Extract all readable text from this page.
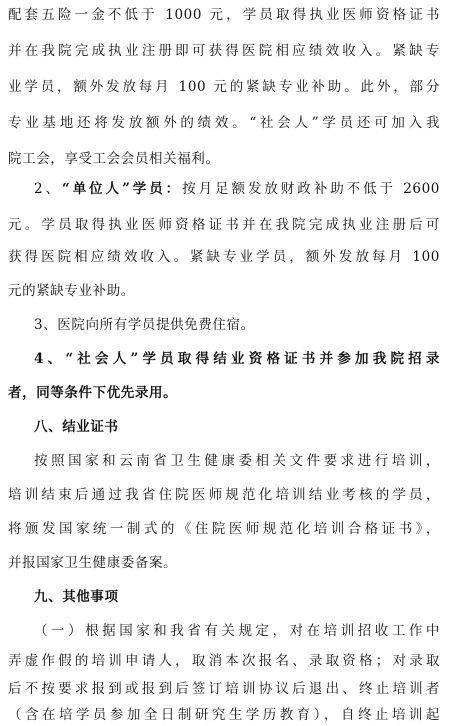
配套五险一金不低于 1000 元，学员取得执业医师资格证书
并在我院完成执业注册即可获得医院相应绩效收入。紧缺专
业学员，额外发放每月 100 元的紧缺专业补助。此外，部分
专业基地还将发放额外的绩效。“社会人”学员还可加入我
院工会，享受工会会员相关福利。
2、“单位人”学员：按月足额发放财政补助不低于 2600
元。学员取得执业医师资格证书并在我院完成执业注册后可
获得医院相应绩效收入。紧缺专业学员，额外发放每月 100
元的紧缺专业补助。
3、医院向所有学员提供免费住宿。
4、“社会人”学员取得结业资格证书并参加我院招录
者，同等条件下优先录用。
八、结业证书
按照国家和云南省卫生健康委相关文件要求进行培训，
培训结束后通过我省住院医师规范化培训结业考核的学员，
将颁发国家统一制式的《住院医师规范化培训合格证书》，
并报国家卫生健康委备案。
九、其他事项
（一）根据国家和我省有关规定，对在培训招收工作中
弄虚作假的培训申请人，取消本次报名、录取资格；对录取
后不按要求报到或报到后签订培训协议后退出、终止培训者
（含在培学员参加全日制研究生学历教育），自终止培训起
